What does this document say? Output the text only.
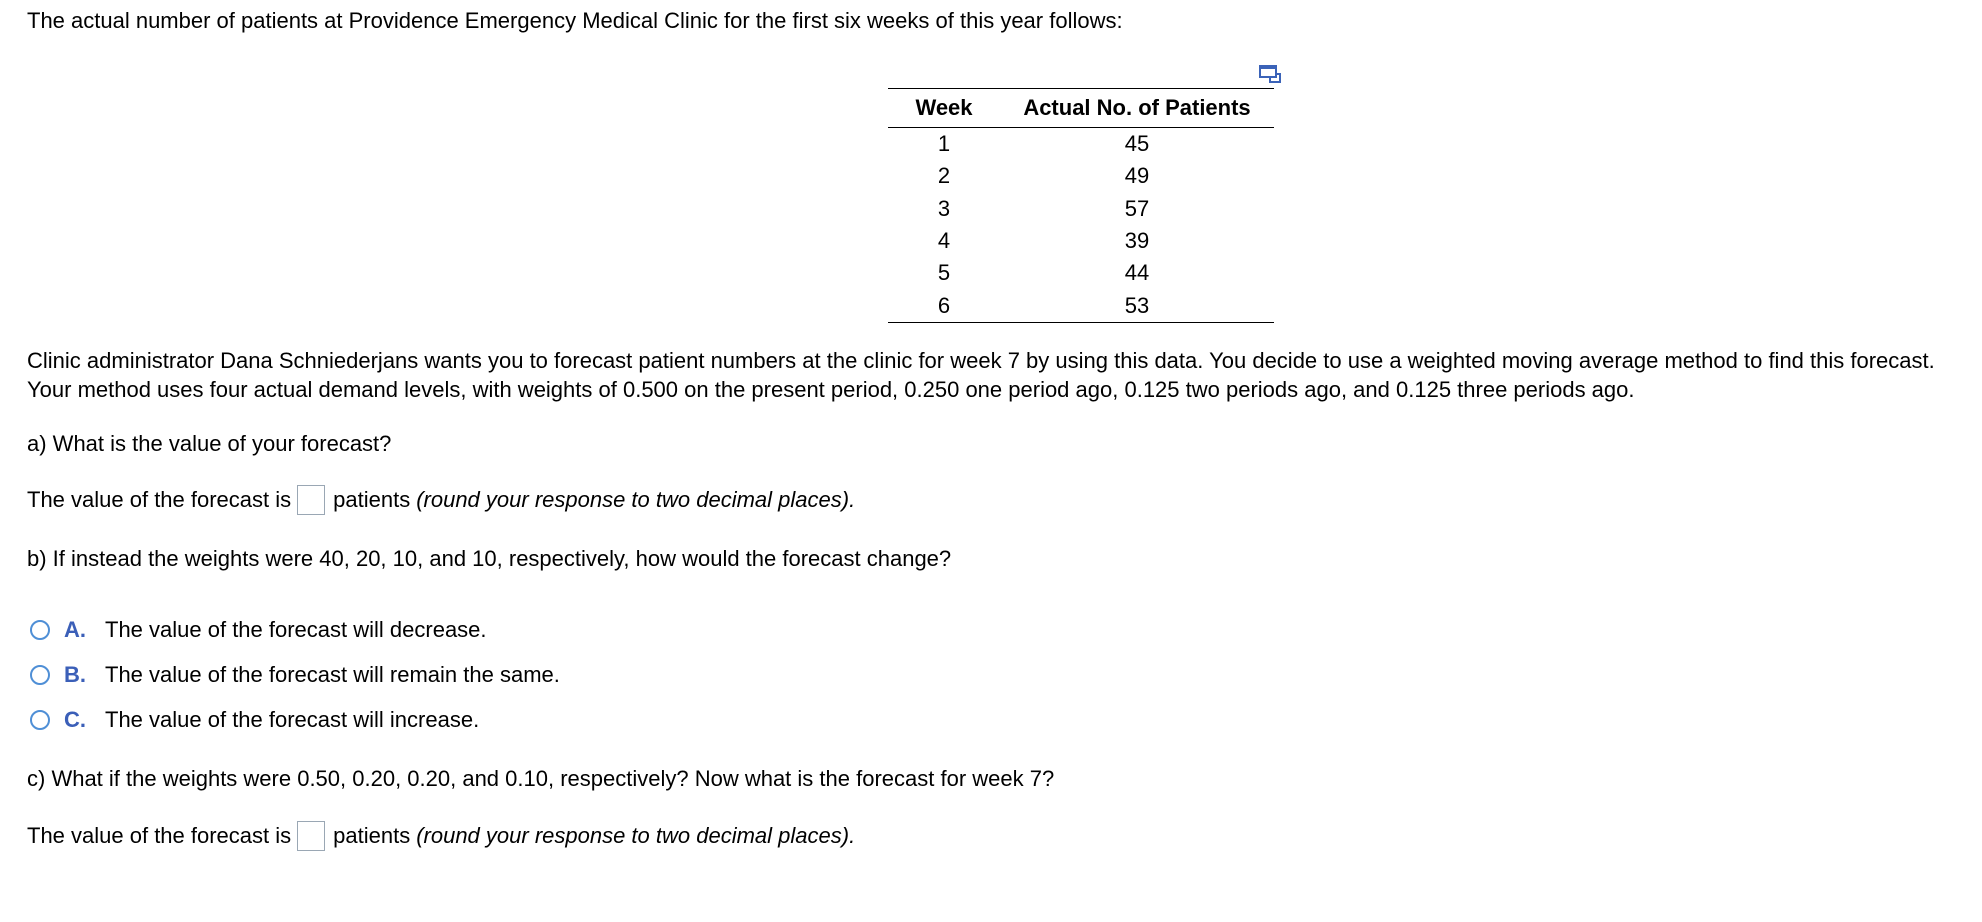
The actual number of patients at Providence Emergency Medical Clinic for the first six weeks of this year follows:
Week	Actual No. of Patients
1	45
2	49
3	57
4	39
5	44
6	53
Clinic administrator Dana Schniederjans wants you to forecast patient numbers at the clinic for week 7 by using this data. You decide to use a weighted moving average method to find this forecast. Your method uses four actual demand levels, with weights of 0.500 on the present period, 0.250 one period ago, 0.125 two periods ago, and 0.125 three periods ago.
a) What is the value of your forecast?
The value of the forecast is patients (round your response to two decimal places).
b) If instead the weights were 40, 20, 10, and 10, respectively, how would the forecast change?
A. The value of the forecast will decrease.
B. The value of the forecast will remain the same.
C. The value of the forecast will increase.
c) What if the weights were 0.50, 0.20, 0.20, and 0.10, respectively? Now what is the forecast for week 7?
The value of the forecast is patients (round your response to two decimal places).
